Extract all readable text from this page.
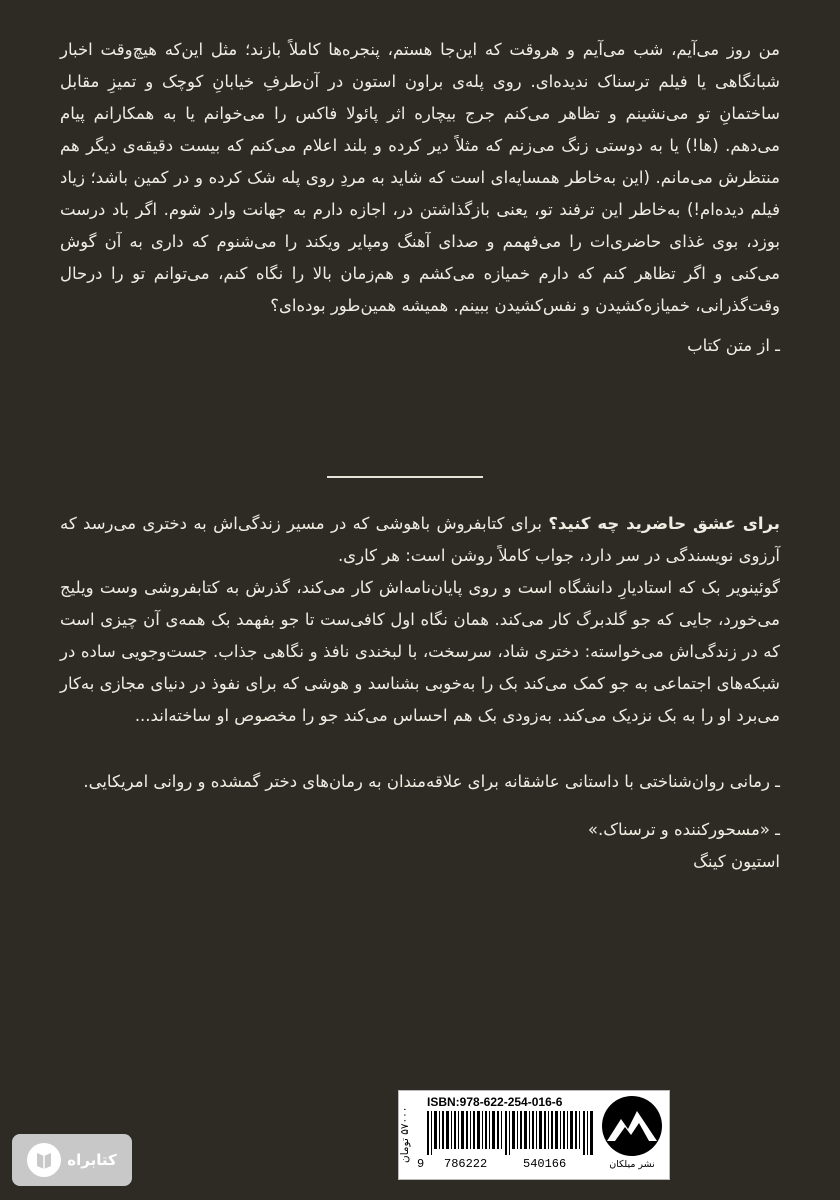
من روز می‌آیم، شب می‌آیم و هروقت که این‌جا هستم، پنجره‌ها کاملاً بازند؛ مثل این‌که هیچ‌وقت اخبار شبانگاهی یا فیلم ترسناک ندیده‌ای. روی پله‌ی براون استون در آن‌طرفِ خیابانِ کوچک و تمیزِ مقابل ساختمانِ تو می‌نشینم و تظاهر می‌کنم جرج بیچاره اثر پائولا فاکس را می‌خوانم یا به همکارانم پیام می‌دهم. (ها!) یا به دوستی زنگ می‌زنم که مثلاً دیر کرده و بلند اعلام می‌کنم که بیست دقیقه‌ی دیگر هم منتظرش می‌مانم. (این به‌خاطر همسایه‌ای است که شاید به مردِ روی پله شک کرده و در کمین باشد؛ زیاد فیلم دیده‌ام!) به‌خاطر این ترفند تو، یعنی بازگذاشتن در، اجازه دارم به جهانت وارد شوم. اگر باد درست بوزد، بوی غذای حاضری‌ات را می‌فهمم و صدای آهنگ ومپایر ویکند را می‌شنوم که داری به آن گوش می‌کنی و اگر تظاهر کنم که دارم خمیازه می‌کشم و هم‌زمان بالا را نگاه کنم، می‌توانم تو را درحال وقت‌گذرانی، خمیازه‌کشیدن و نفس‌کشیدن ببینم. همیشه همین‌طور بوده‌ای؟

ـ از متن کتاب

برای عشق حاضرید چه کنید؟ برای کتابفروش باهوشی که در مسیر زندگی‌اش به دختری می‌رسد که آرزوی نویسندگی در سر دارد، جواب کاملاً روشن است: هر کاری.

گوئینویر بک که استادیارِ دانشگاه است و روی پایان‌نامه‌اش کار می‌کند، گذرش به کتابفروشی وست ویلیج می‌خورد، جایی که جو گلدبرگ کار می‌کند. همان نگاه اول کافی‌ست تا جو بفهمد بک همه‌ی آن چیزی است که در زندگی‌اش می‌خواسته: دختری شاد، سرسخت، با لبخندی نافذ و نگاهی جذاب. جست‌وجویی ساده در شبکه‌های اجتماعی به جو کمک می‌کند بک را به‌خوبی بشناسد و هوشی که برای نفوذ در دنیای مجازی به‌کار می‌برد او را به بک نزدیک می‌کند. به‌زودی بک هم احساس می‌کند جو را مخصوص او ساخته‌اند...

ـ رمانی روان‌شناختی با داستانی عاشقانه برای علاقه‌مندان به رمان‌های دختر گمشده و روانی امریکایی.

ـ «مسحورکننده و ترسناک.»

استیون کینگ

کتابراه	۵۷۰۰۰ تومان
ISBN:978-622-254-016-6
9 786222	540166	نشر میلکان
